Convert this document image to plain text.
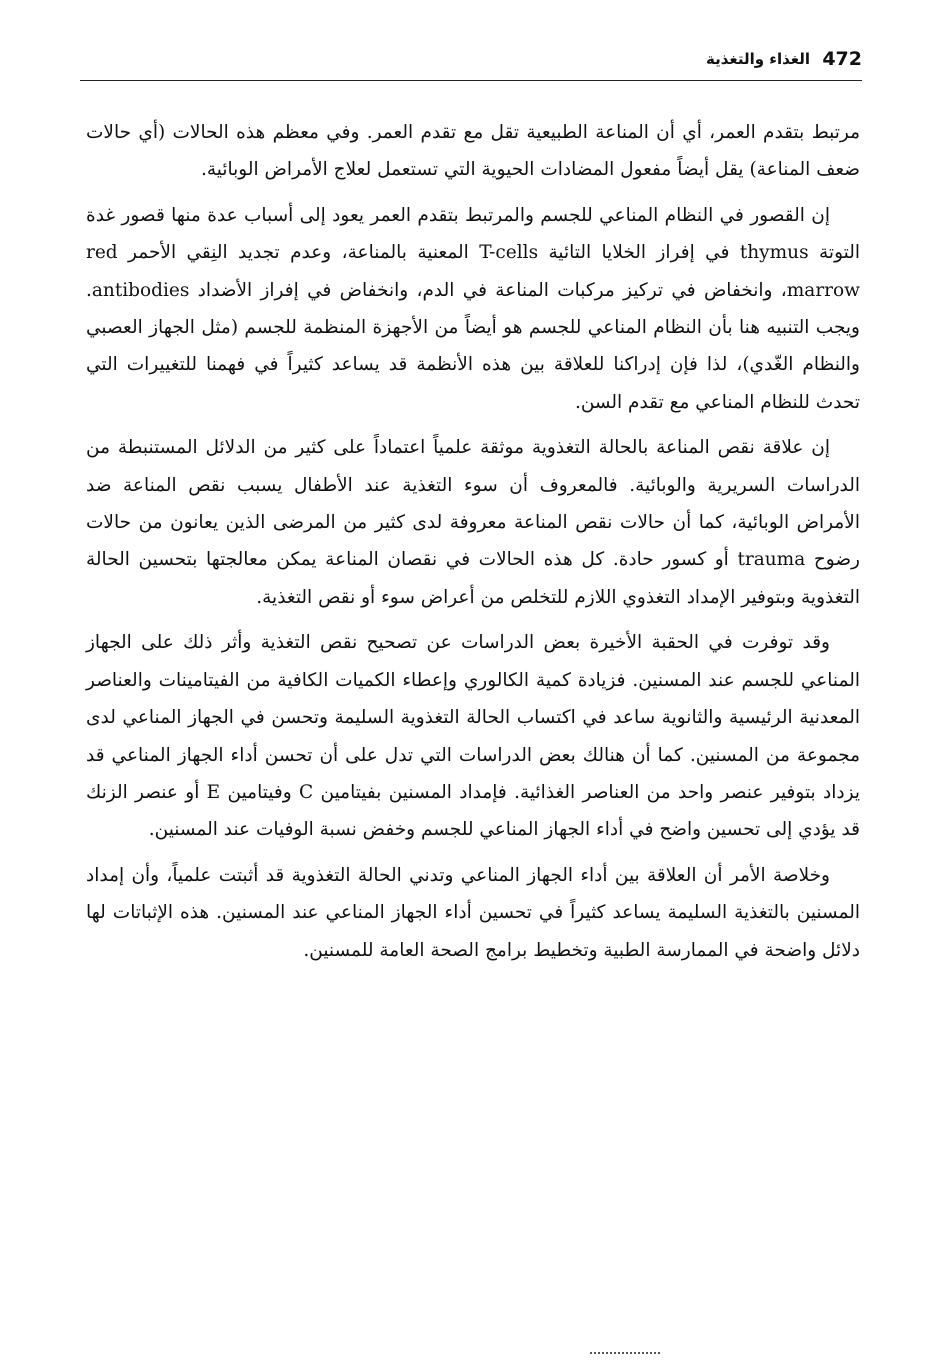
472
الغذاء والتغذية

مرتبط بتقدم العمر، أي أن المناعة الطبيعية تقل مع تقدم العمر. وفي معظم هذه الحالات (أي حالات ضعف المناعة) يقل أيضاً مفعول المضادات الحيوية التي تستعمل لعلاج الأمراض الوبائية.

إن القصور في النظام المناعي للجسم والمرتبط بتقدم العمر يعود إلى أسباب عدة منها قصور غدة التوتة thymus في إفراز الخلايا التائية T-cells المعنية بالمناعة، وعدم تجديد النِقي الأحمر red marrow، وانخفاض في تركيز مركبات المناعة في الدم، وانخفاض في إفراز الأضداد antibodies. ويجب التنبيه هنا بأن النظام المناعي للجسم هو أيضاً من الأجهزة المنظمة للجسم (مثل الجهاز العصبي والنظام الغّدي)، لذا فإن إدراكنا للعلاقة بين هذه الأنظمة قد يساعد كثيراً في فهمنا للتغييرات التي تحدث للنظام المناعي مع تقدم السن.

إن علاقة نقص المناعة بالحالة التغذوية موثقة علمياً اعتماداً على كثير من الدلائل المستنبطة من الدراسات السريرية والوبائية. فالمعروف أن سوء التغذية عند الأطفال يسبب نقص المناعة ضد الأمراض الوبائية، كما أن حالات نقص المناعة معروفة لدى كثير من المرضى الذين يعانون من حالات رضوح trauma أو كسور حادة. كل هذه الحالات في نقصان المناعة يمكن معالجتها بتحسين الحالة التغذوية وبتوفير الإمداد التغذوي اللازم للتخلص من أعراض سوء أو نقص التغذية.

وقد توفرت في الحقبة الأخيرة بعض الدراسات عن تصحيح نقص التغذية وأثر ذلك على الجهاز المناعي للجسم عند المسنين. فزيادة كمية الكالوري وإعطاء الكميات الكافية من الفيتامينات والعناصر المعدنية الرئيسية والثانوية ساعد في اكتساب الحالة التغذوية السليمة وتحسن في الجهاز المناعي لدى مجموعة من المسنين. كما أن هنالك بعض الدراسات التي تدل على أن تحسن أداء الجهاز المناعي قد يزداد بتوفير عنصر واحد من العناصر الغذائية. فإمداد المسنين بفيتامين C وفيتامين E أو عنصر الزنك قد يؤدي إلى تحسين واضح في أداء الجهاز المناعي للجسم وخفض نسبة الوفيات عند المسنين.

وخلاصة الأمر أن العلاقة بين أداء الجهاز المناعي وتدني الحالة التغذوية قد أثبتت علمياً، وأن إمداد المسنين بالتغذية السليمة يساعد كثيراً في تحسين أداء الجهاز المناعي عند المسنين. هذه الإثباتات لها دلائل واضحة في الممارسة الطبية وتخطيط برامج الصحة العامة للمسنين.
